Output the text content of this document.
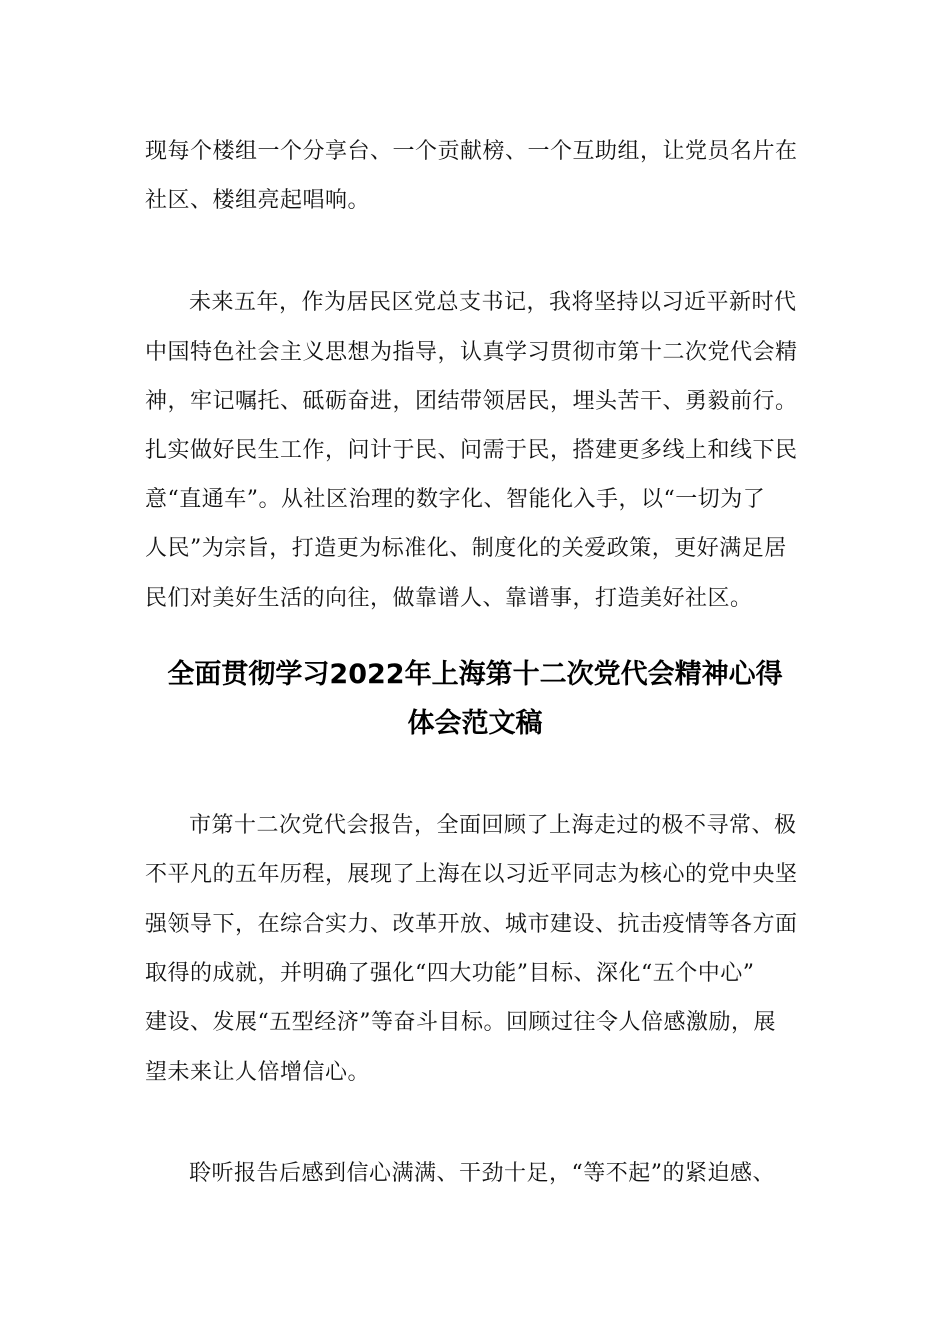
现每个楼组一个分享台、一个贡献榜、一个互助组，让党员名片在
社区、楼组亮起唱响。
未来五年，作为居民区党总支书记，我将坚持以习近平新时代
中国特色社会主义思想为指导，认真学习贯彻市第十二次党代会精
神，牢记嘱托、砥砺奋进，团结带领居民，埋头苦干、勇毅前行。
扎实做好民生工作，问计于民、问需于民，搭建更多线上和线下民
意“直通车”。从社区治理的数字化、智能化入手，以“一切为了
人民”为宗旨，打造更为标准化、制度化的关爱政策，更好满足居
民们对美好生活的向往，做靠谱人、靠谱事，打造美好社区。
全面贯彻学习2022年上海第十二次党代会精神心得
体会范文稿
市第十二次党代会报告，全面回顾了上海走过的极不寻常、极
不平凡的五年历程，展现了上海在以习近平同志为核心的党中央坚
强领导下，在综合实力、改革开放、城市建设、抗击疫情等各方面
取得的成就，并明确了强化“四大功能”目标、深化“五个中心”
建设、发展“五型经济”等奋斗目标。回顾过往令人倍感激励，展
望未来让人倍增信心。
聆听报告后感到信心满满、干劲十足，“等不起”的紧迫感、
